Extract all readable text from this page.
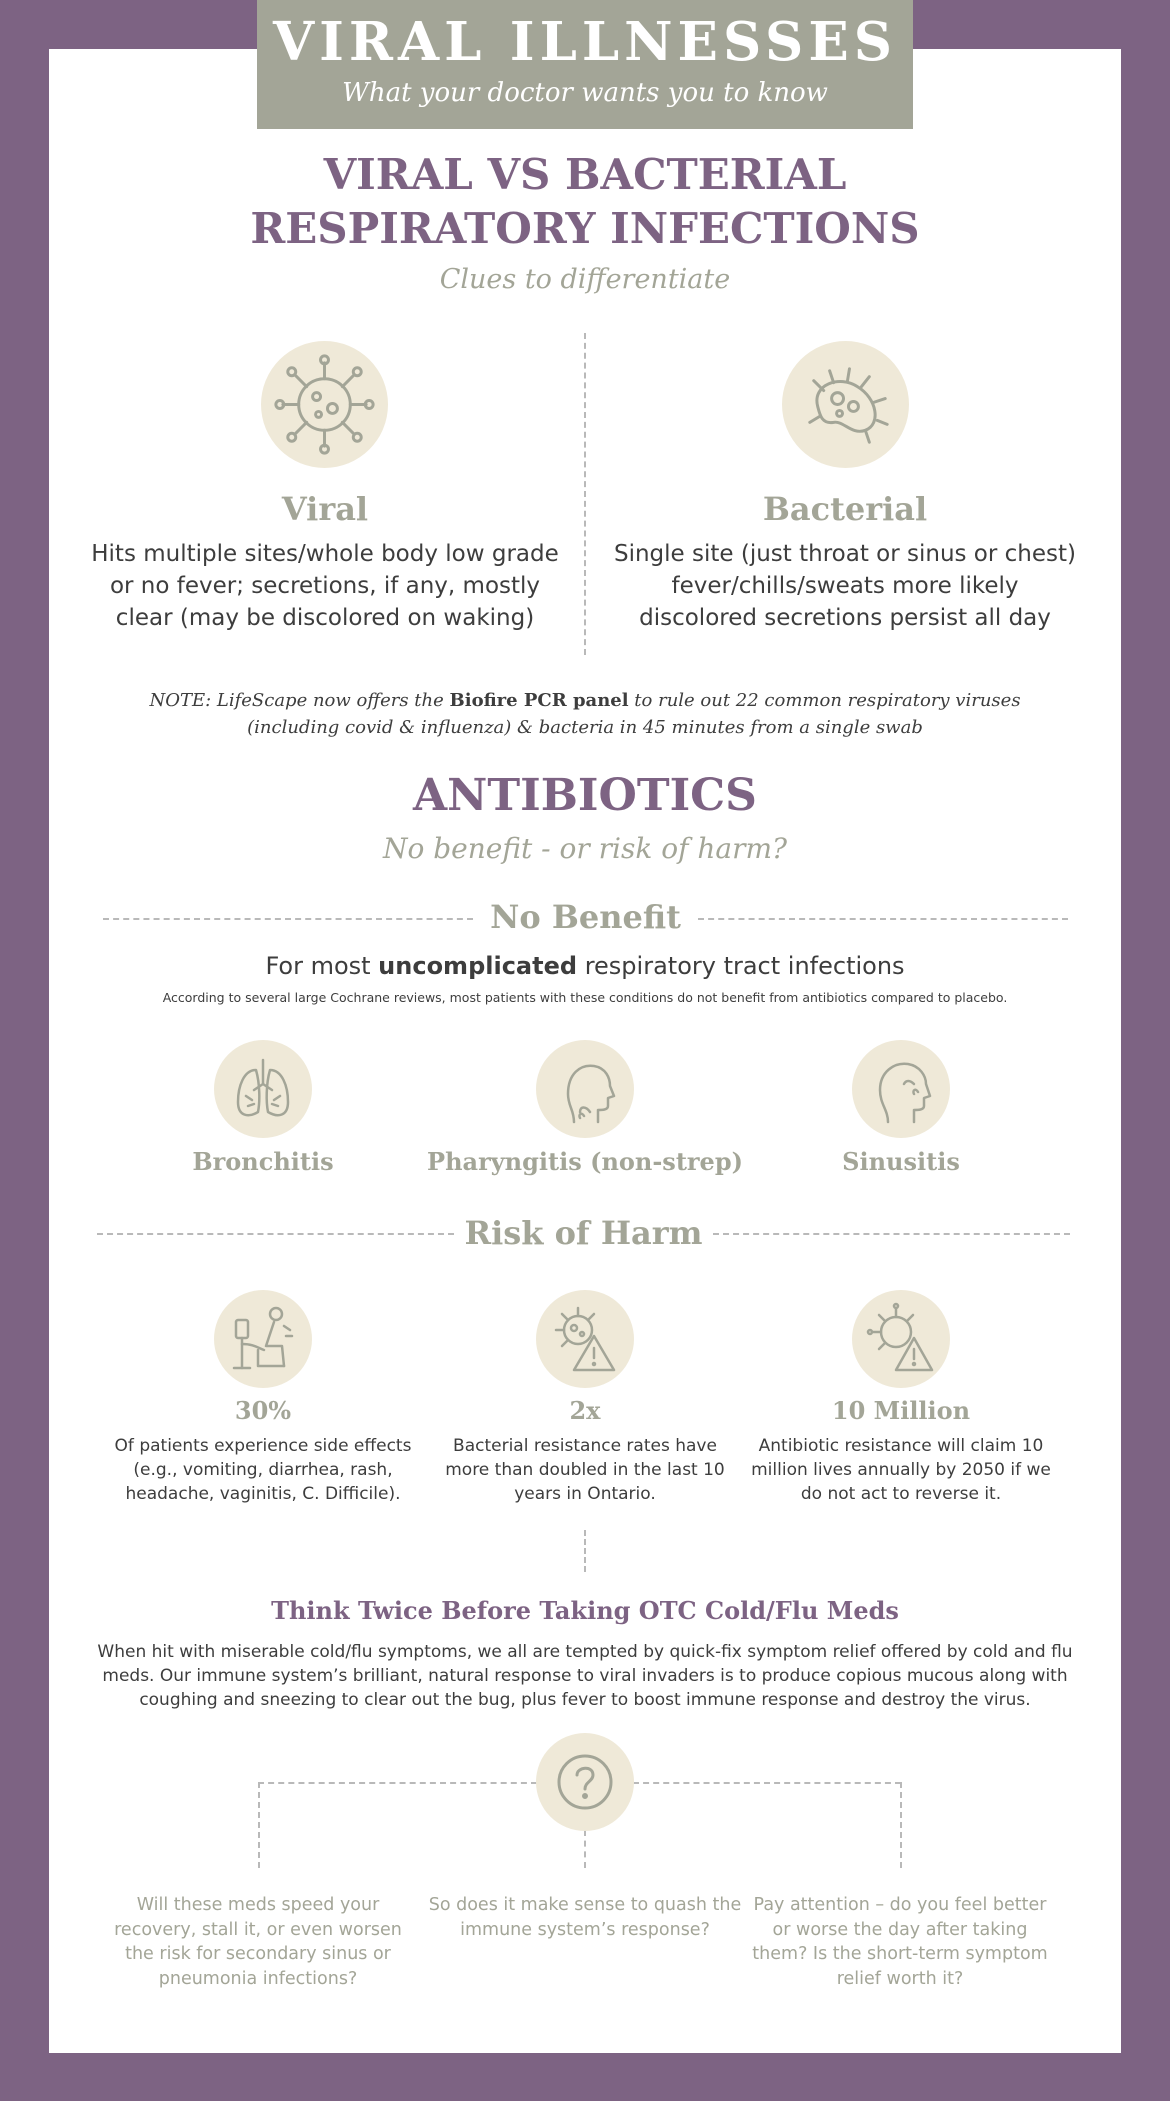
VIRAL ILLNESSES
What your doctor wants you to know
VIRAL VS BACTERIAL
RESPIRATORY INFECTIONS
Clues to differentiate
Viral
Hits multiple sites/whole body low grade
or no fever; secretions, if any, mostly
clear (may be discolored on waking)
Bacterial
Single site (just throat or sinus or chest)
fever/chills/sweats more likely
discolored secretions persist all day
NOTE: LifeScape now offers the Biofire PCR panel to rule out 22 common respiratory viruses
(including covid & influenza) & bacteria in 45 minutes from a single swab
ANTIBIOTICS
No benefit - or risk of harm?
No Benefit
For most uncomplicated respiratory tract infections
According to several large Cochrane reviews, most patients with these conditions do not benefit from antibiotics compared to placebo.
Bronchitis	Pharyngitis (non-strep)	Sinusitis
Risk of Harm
30%	2x	10 Million
Of patients experience side effects
(e.g., vomiting, diarrhea, rash,
headache, vaginitis, C. Difficile).
Bacterial resistance rates have
more than doubled in the last 10
years in Ontario.
Antibiotic resistance will claim 10
million lives annually by 2050 if we
do not act to reverse it.
Think Twice Before Taking OTC Cold/Flu Meds
When hit with miserable cold/flu symptoms, we all are tempted by quick-fix symptom relief offered by cold and flu
meds. Our immune system’s brilliant, natural response to viral invaders is to produce copious mucous along with
coughing and sneezing to clear out the bug, plus fever to boost immune response and destroy the virus.
Will these meds speed your
recovery, stall it, or even worsen
the risk for secondary sinus or
pneumonia infections?
So does it make sense to quash the
immune system’s response?
Pay attention – do you feel better
or worse the day after taking
them? Is the short-term symptom
relief worth it?
